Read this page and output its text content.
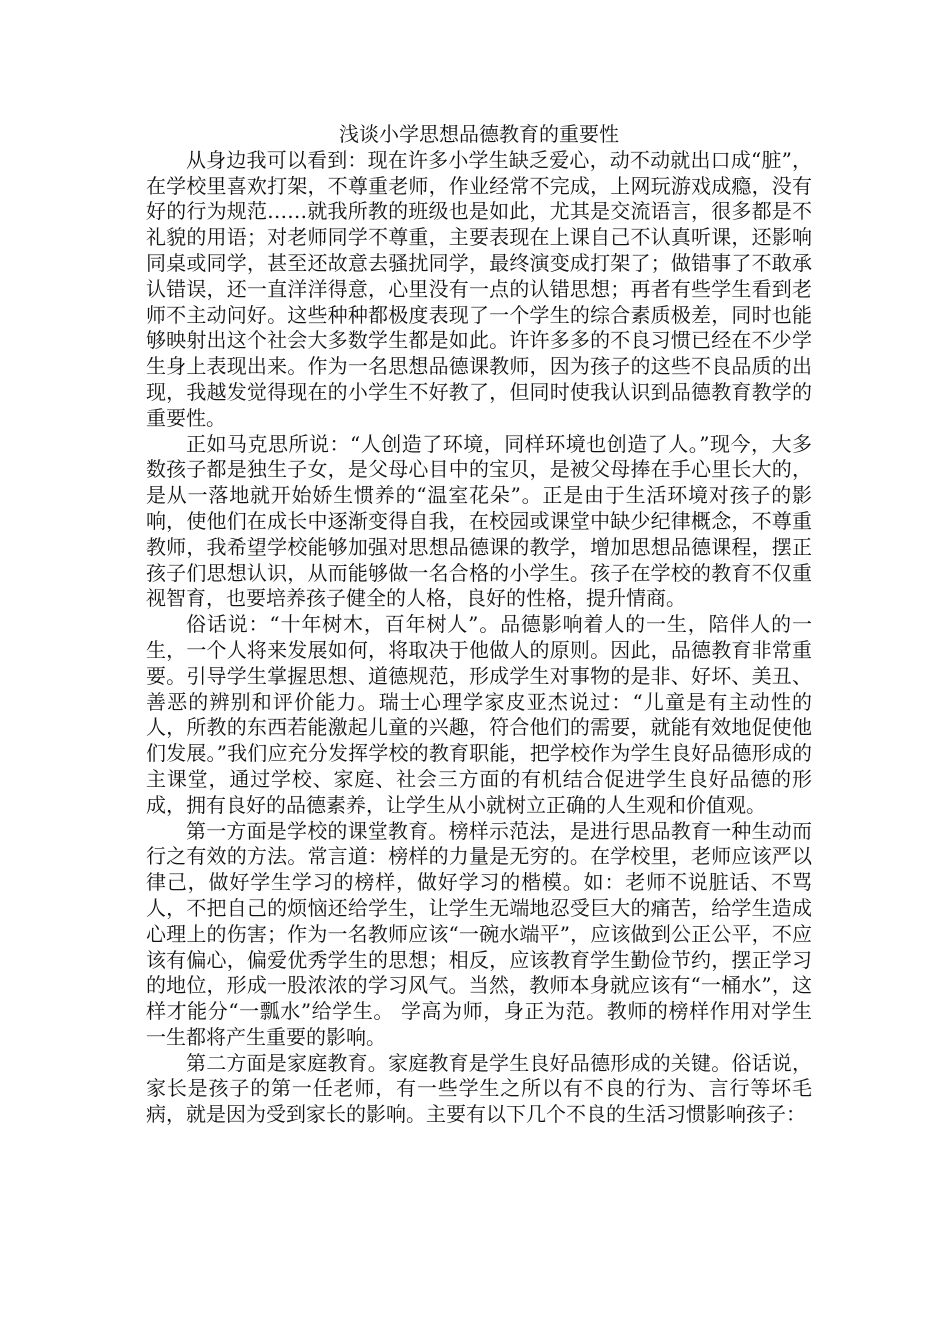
浅谈小学思想品德教育的重要性

从身边我可以看到：现在许多小学生缺乏爱心，动不动就出口成“脏”，在学校里喜欢打架，不尊重老师，作业经常不完成，上网玩游戏成瘾，没有好的行为规范……就我所教的班级也是如此，尤其是交流语言，很多都是不礼貌的用语；对老师同学不尊重，主要表现在上课自己不认真听课，还影响同桌或同学，甚至还故意去骚扰同学，最终演变成打架了；做错事了不敢承认错误，还一直洋洋得意，心里没有一点的认错思想；再者有些学生看到老师不主动问好。这些种种都极度表现了一个学生的综合素质极差，同时也能够映射出这个社会大多数学生都是如此。许许多多的不良习惯已经在不少学生身上表现出来。作为一名思想品德课教师，因为孩子的这些不良品质的出现，我越发觉得现在的小学生不好教了，但同时使我认识到品德教育教学的重要性。

正如马克思所说：“人创造了环境，同样环境也创造了人。”现今，大多数孩子都是独生子女，是父母心目中的宝贝，是被父母捧在手心里长大的，是从一落地就开始娇生惯养的“温室花朵”。正是由于生活环境对孩子的影响，使他们在成长中逐渐变得自我，在校园或课堂中缺少纪律概念，不尊重教师，我希望学校能够加强对思想品德课的教学，增加思想品德课程，摆正孩子们思想认识，从而能够做一名合格的小学生。孩子在学校的教育不仅重视智育，也要培养孩子健全的人格，良好的性格，提升情商。

俗话说：“十年树木，百年树人”。品德影响着人的一生，陪伴人的一生，一个人将来发展如何，将取决于他做人的原则。因此，品德教育非常重要。引导学生掌握思想、道德规范，形成学生对事物的是非、好坏、美丑、善恶的辨别和评价能力。瑞士心理学家皮亚杰说过：“儿童是有主动性的人，所教的东西若能激起儿童的兴趣，符合他们的需要，就能有效地促使他们发展。”我们应充分发挥学校的教育职能，把学校作为学生良好品德形成的主课堂，通过学校、家庭、社会三方面的有机结合促进学生良好品德的形成，拥有良好的品德素养，让学生从小就树立正确的人生观和价值观。

第一方面是学校的课堂教育。榜样示范法，是进行思品教育一种生动而行之有效的方法。常言道：榜样的力量是无穷的。在学校里，老师应该严以律己，做好学生学习的榜样，做好学习的楷模。如：老师不说脏话、不骂人，不把自己的烦恼还给学生，让学生无端地忍受巨大的痛苦，给学生造成心理上的伤害；作为一名教师应该“一碗水端平”，应该做到公正公平，不应该有偏心，偏爱优秀学生的思想；相反，应该教育学生勤俭节约，摆正学习的地位，形成一股浓浓的学习风气。当然，教师本身就应该有“一桶水”，这样才能分“一瓢水”给学生。 学高为师，身正为范。教师的榜样作用对学生一生都将产生重要的影响。

第二方面是家庭教育。家庭教育是学生良好品德形成的关键。俗话说，家长是孩子的第一任老师，有一些学生之所以有不良的行为、言行等坏毛病，就是因为受到家长的影响。主要有以下几个不良的生活习惯影响孩子：
